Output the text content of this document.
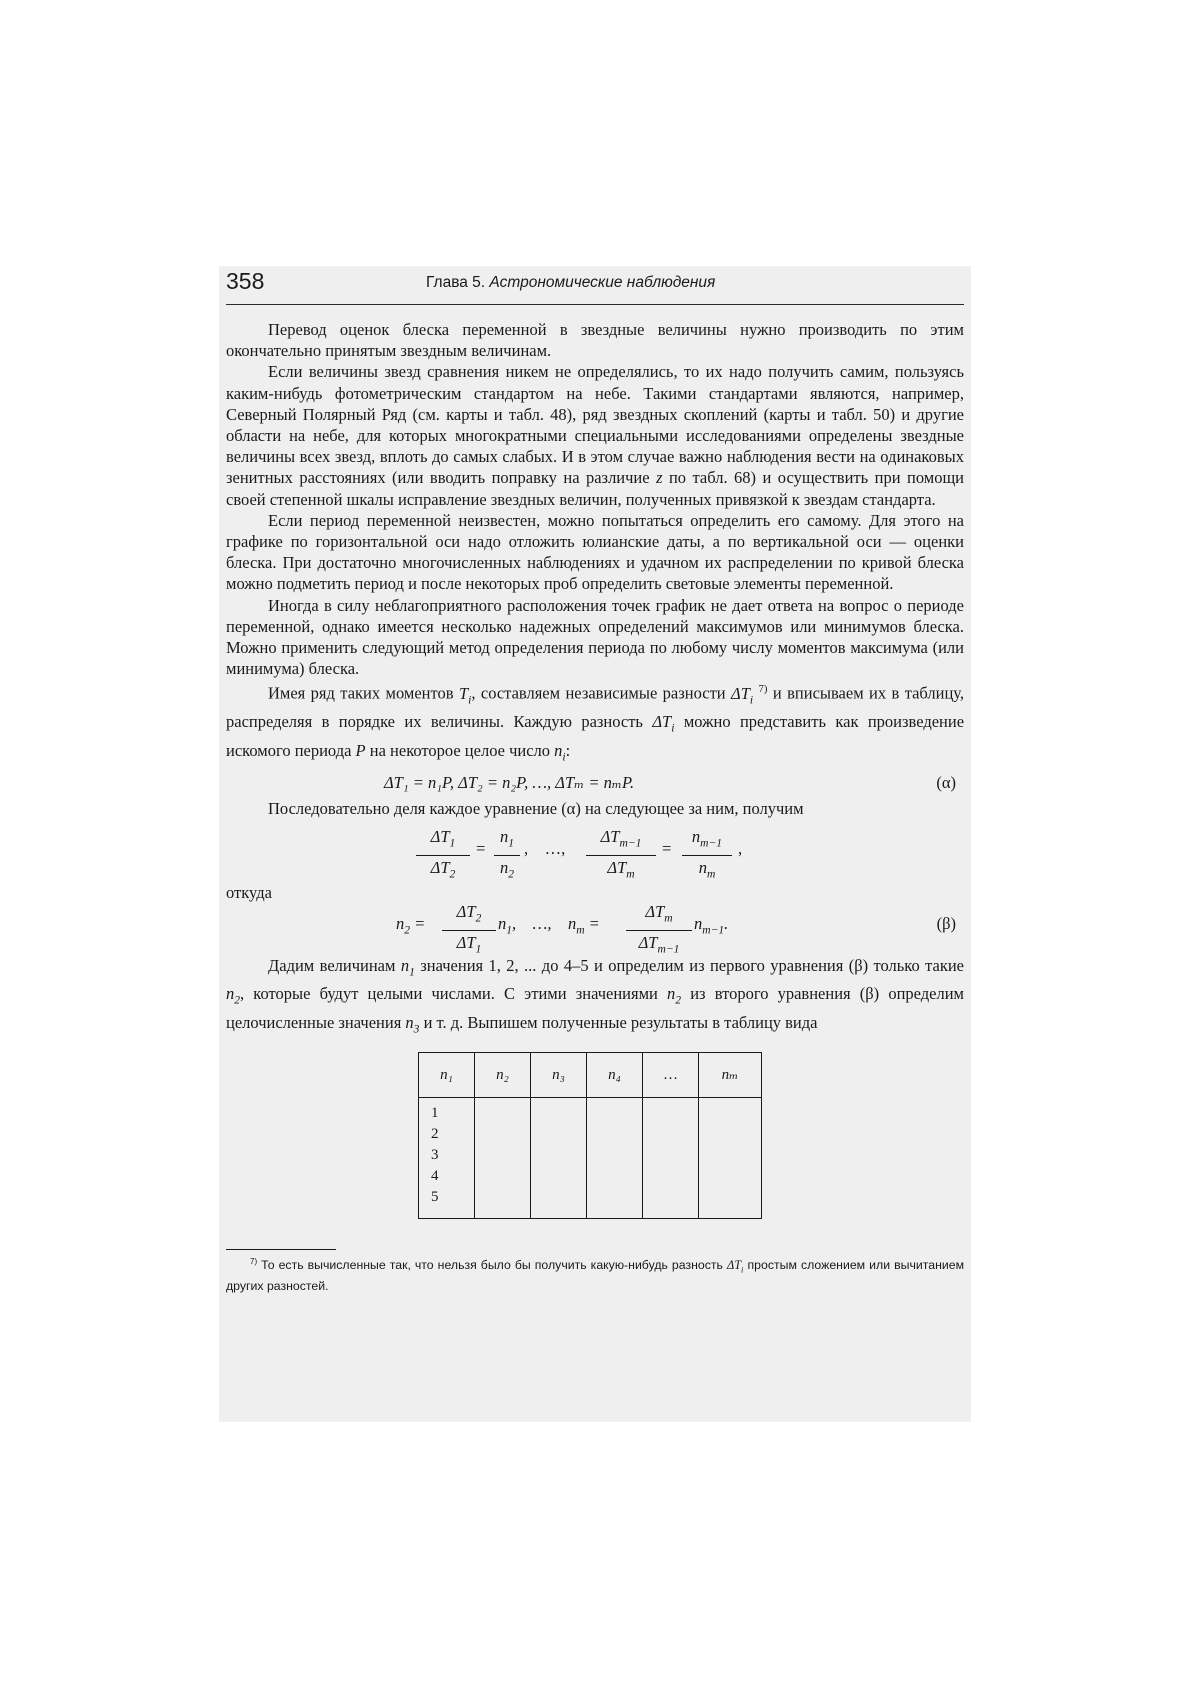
358	Глава 5. Астрономические наблюдения

Перевод оценок блеска переменной в звездные величины нужно производить по этим окончательно принятым звездным величинам.

Если величины звезд сравнения никем не определялись, то их надо получить самим, пользуясь каким-нибудь фотометрическим стандартом на небе. Такими стандартами являются, например, Северный Полярный Ряд (см. карты и табл. 48), ряд звездных скоплений (карты и табл. 50) и другие области на небе, для которых многократными специальными исследованиями определены звездные величины всех звезд, вплоть до самых слабых. И в этом случае важно наблюдения вести на одинаковых зенитных расстояниях (или вводить поправку на различие z по табл. 68) и осуществить при помощи своей степенной шкалы исправление звездных величин, полученных привязкой к звездам стандарта.

Если период переменной неизвестен, можно попытаться определить его самому. Для этого на графике по горизонтальной оси надо отложить юлианские даты, а по вертикальной оси — оценки блеска. При достаточно многочисленных наблюдениях и удачном их распределении по кривой блеска можно подметить период и после некоторых проб определить световые элементы переменной.

Иногда в силу неблагоприятного расположения точек график не дает ответа на вопрос о периоде переменной, однако имеется несколько надежных определений максимумов или минимумов блеска. Можно применить следующий метод определения периода по любому числу моментов максимума (или минимума) блеска.

Имея ряд таких моментов $T_i$, составляем независимые разности $\Delta T_i$ $^{7)}$ и вписываем их в таблицу, распределяя в порядке их величины. Каждую разность $\Delta T_i$ можно представить как произведение искомого периода P на некоторое целое число $n_i$:

ΔT₁ = n₁P, ΔT₂ = n₂P, …, ΔTₘ = nₘP.	(α)

Последовательно деля каждое уравнение (α) на следующее за ним, получим

$\Delta T_1$
$\Delta T_2$
=
$n_1$
$n_2$
,    …,
$\Delta T_{m-1}$
$\Delta T_m$
=
$n_{m-1}$
$n_m$
,

откуда

$n_2$ =
$\Delta T_2$
$\Delta T_1$
$n_1$,    …,    $n_m$ =
$\Delta T_m$
$\Delta T_{m-1}$
$n_{m-1}$.	(β)

Дадим величинам $n_1$ значения 1, 2, ... до 4–5 и определим из первого уравнения (β) только такие $n_2$, которые будут целыми числами. С этими значениями $n_2$ из второго уравнения (β) определим целочисленные значения $n_3$ и т. д. Выпишем полученные результаты в таблицу вида

n₁	n₂	n₃	n₄	…	nₘ

1
2
3
4
5					

$^{7)}$ То есть вычисленные так, что нельзя было бы получить какую-нибудь разность $\Delta T_i$ простым сложением или вычитанием других разностей.
